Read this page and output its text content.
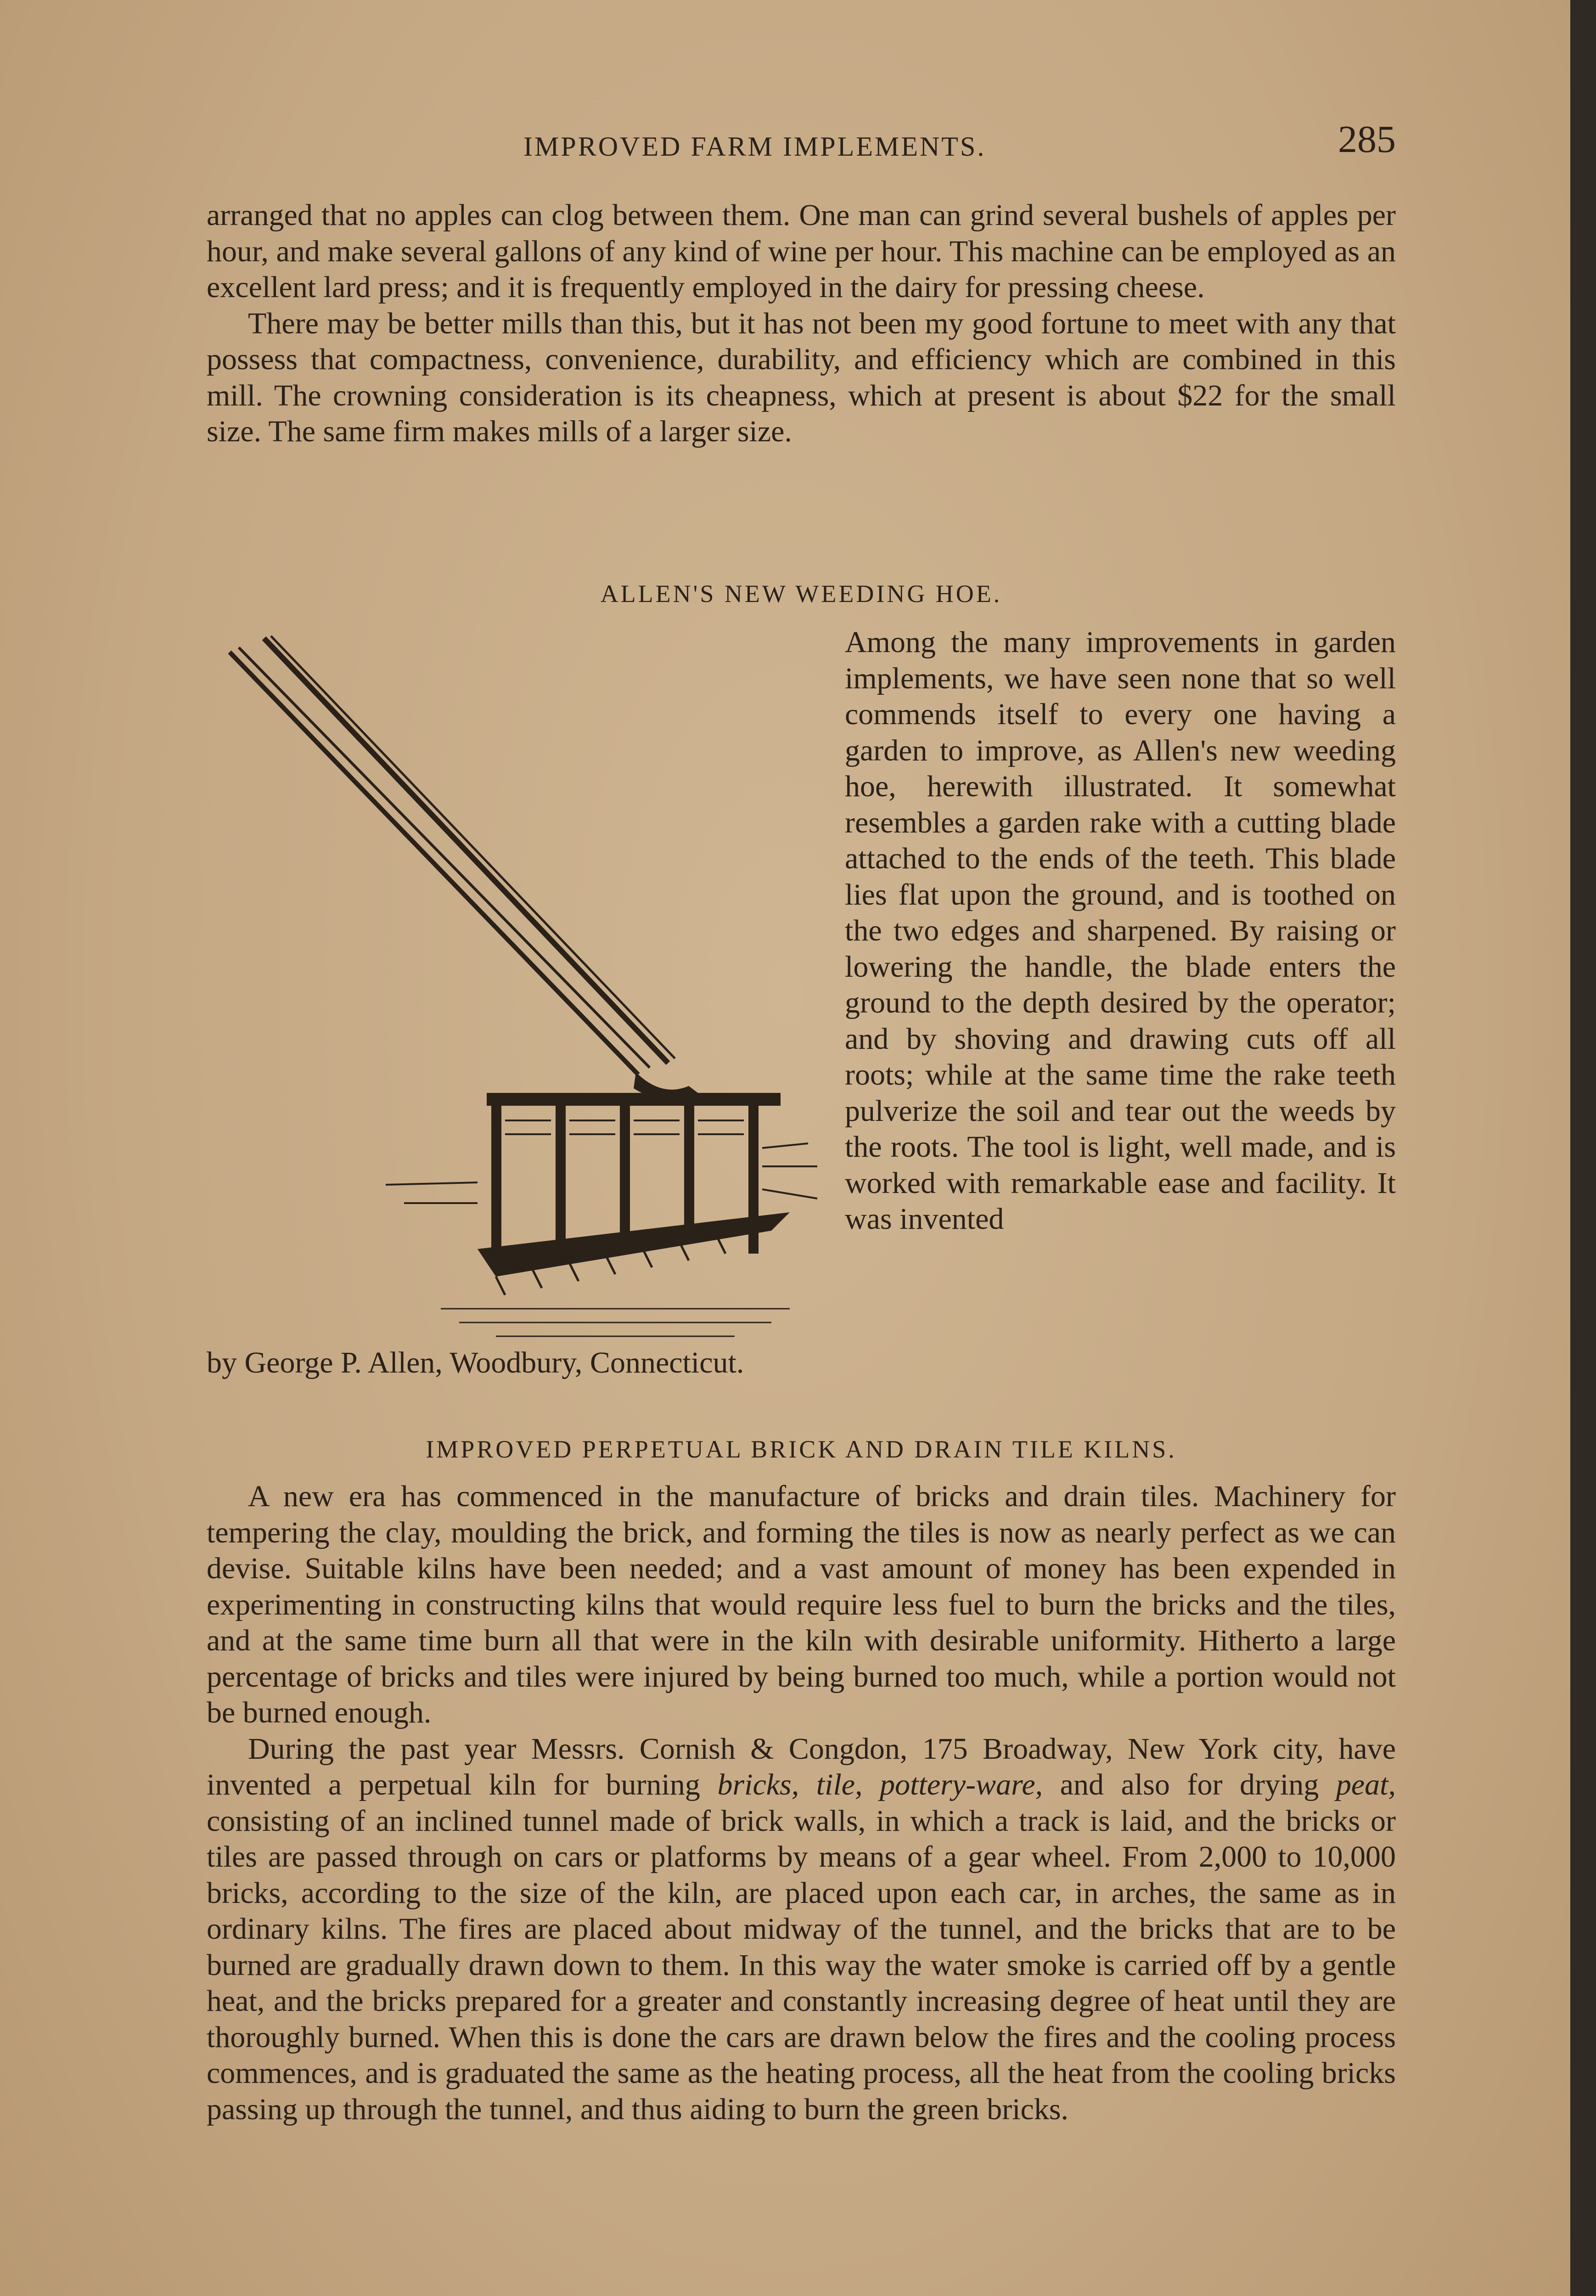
IMPROVED FARM IMPLEMENTS.	285

arranged that no apples can clog between them. One man can grind several bushels of apples per hour, and make several gallons of any kind of wine per hour. This machine can be employed as an excellent lard press; and it is frequently employed in the dairy for pressing cheese.

There may be better mills than this, but it has not been my good fortune to meet with any that possess that compactness, convenience, durability, and efficiency which are combined in this mill. The crowning consideration is its cheapness, which at present is about $22 for the small size. The same firm makes mills of a larger size.

ALLEN'S NEW WEEDING HOE.
Among the many improvements in garden implements, we have seen none that so well commends itself to every one having a garden to improve, as Allen's new weeding hoe, herewith illustrated. It somewhat resembles a garden rake with a cutting blade attached to the ends of the teeth. This blade lies flat upon the ground, and is toothed on the two edges and sharpened. By raising or lowering the handle, the blade enters the ground to the depth desired by the operator; and by shoving and drawing cuts off all roots; while at the same time the rake teeth pulverize the soil and tear out the weeds by the roots. The tool is light, well made, and is worked with remarkable ease and facility. It was invented
by George P. Allen, Woodbury, Connecticut.
IMPROVED PERPETUAL BRICK AND DRAIN TILE KILNS.

A new era has commenced in the manufacture of bricks and drain tiles. Machinery for tempering the clay, moulding the brick, and forming the tiles is now as nearly perfect as we can devise. Suitable kilns have been needed; and a vast amount of money has been expended in experimenting in constructing kilns that would require less fuel to burn the bricks and the tiles, and at the same time burn all that were in the kiln with desirable uniformity. Hitherto a large percentage of bricks and tiles were injured by being burned too much, while a portion would not be burned enough.

During the past year Messrs. Cornish & Congdon, 175 Broadway, New York city, have invented a perpetual kiln for burning bricks, tile, pottery-ware, and also for drying peat, consisting of an inclined tunnel made of brick walls, in which a track is laid, and the bricks or tiles are passed through on cars or platforms by means of a gear wheel. From 2,000 to 10,000 bricks, according to the size of the kiln, are placed upon each car, in arches, the same as in ordinary kilns. The fires are placed about midway of the tunnel, and the bricks that are to be burned are gradually drawn down to them. In this way the water smoke is carried off by a gentle heat, and the bricks prepared for a greater and constantly increasing degree of heat until they are thoroughly burned. When this is done the cars are drawn below the fires and the cooling process commences, and is graduated the same as the heating process, all the heat from the cooling bricks passing up through the tunnel, and thus aiding to burn the green bricks.
